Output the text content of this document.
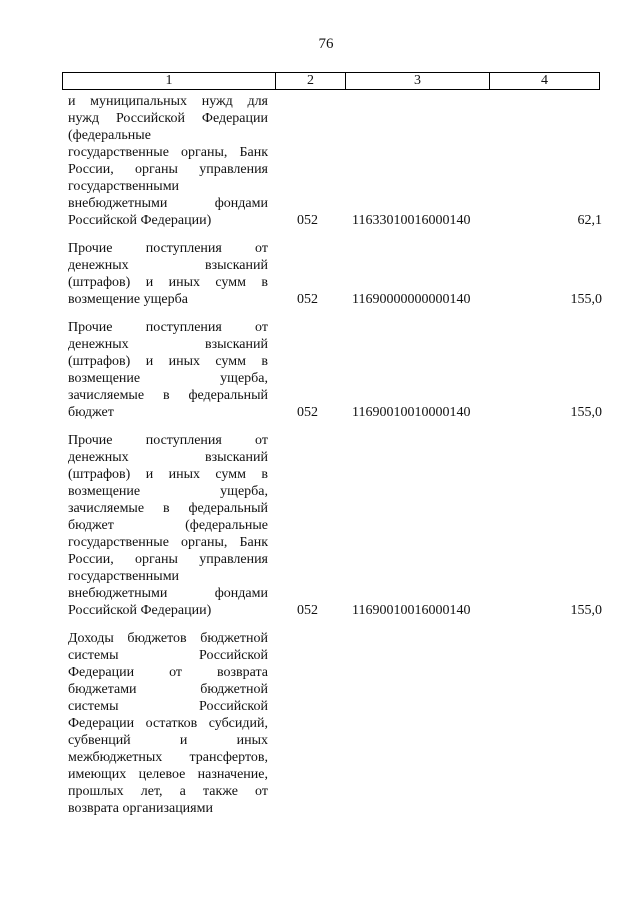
76
1	2	3	4
и муниципальных нужд для
нужд Российской Федерации
(федеральные
государственные органы, Банк
России, органы управления
государственными
внебюджетными фондами
Российской Федерации)	052 11633010016000140	62,1
Прочие поступления от
денежных взысканий
(штрафов) и иных сумм в
возмещение ущерба	052 11690000000000140	155,0
Прочие поступления от
денежных взысканий
(штрафов) и иных сумм в
возмещение ущерба,
зачисляемые в федеральный
бюджет	052 11690010010000140	155,0
Прочие поступления от
денежных взысканий
(штрафов) и иных сумм в
возмещение ущерба,
зачисляемые в федеральный
бюджет (федеральные
государственные органы, Банк
России, органы управления
государственными
внебюджетными фондами
Российской Федерации)	052 11690010016000140	155,0
Доходы бюджетов бюджетной
системы Российской
Федерации от возврата
бюджетами бюджетной
системы Российской
Федерации остатков субсидий,
субвенций и иных
межбюджетных трансфертов,
имеющих целевое назначение,
прошлых лет, а также от
возврата организациями
